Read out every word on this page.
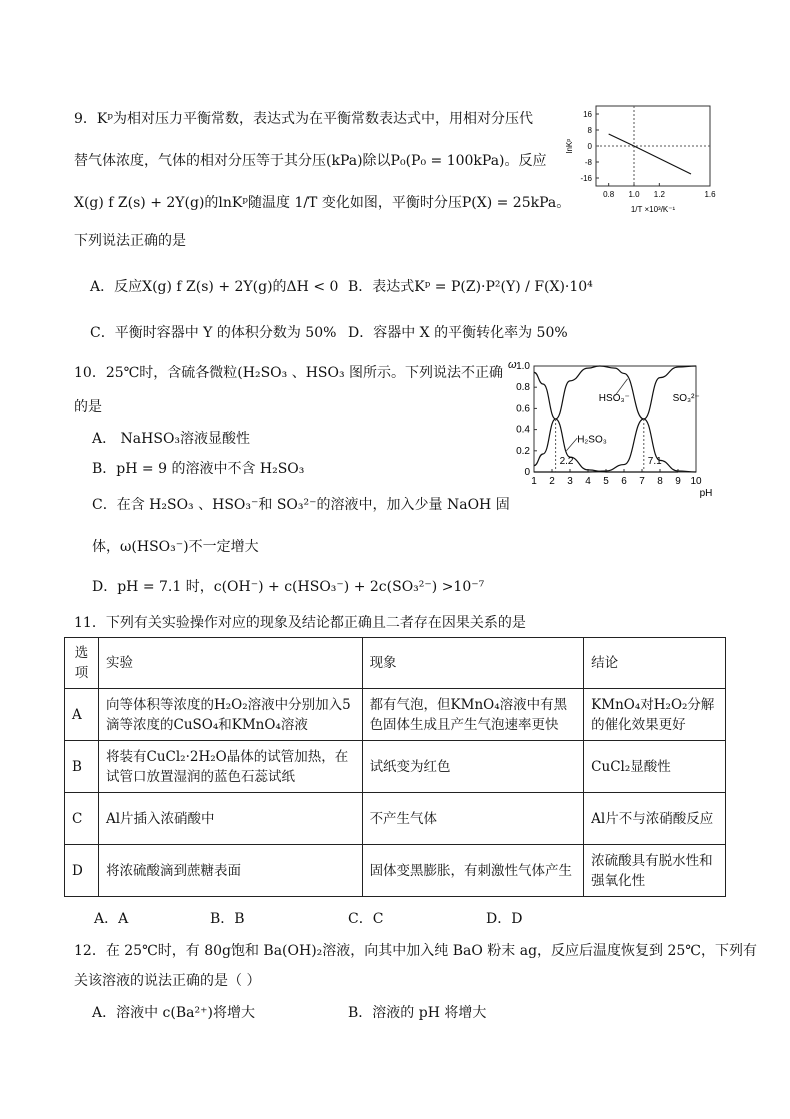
9．Kᵖ为相对压力平衡常数，表达式为在平衡常数表达式中，用相对分压代
替气体浓度，气体的相对分压等于其分压(kPa)除以P₀(P₀ = 100kPa)。反应
X(g) f Z(s) + 2Y(g)的lnKᵖ随温度 1/T 变化如图，平衡时分压P(X) = 25kPa。
下列说法正确的是
A．反应X(g) f Z(s) + 2Y(g)的ΔH < 0 B．表达式Kᵖ = P(Z)·P²(Y) / F(X)·10⁴
C．平衡时容器中 Y 的体积分数为 50% D．容器中 X 的平衡转化率为 50%
16
8
0
-8
-16
0.8 1.0 1.2	1.6
lnKᵖ
1/T ×10³/K⁻¹
10．25℃时，含硫各微粒(H₂SO₃ 、HSO₃ 图所示。下列说法不正确
的是
A． NaHSO₃溶液显酸性
B．pH = 9 的溶液中不含 H₂SO₃
C．在含 H₂SO₃ 、HSO₃⁻和 SO₃²⁻的溶液中，加入少量 NaOH 固
体，ω(HSO₃⁻)不一定增大
D．pH = 7.1 时，c(OH⁻) + c(HSO₃⁻) + 2c(SO₃²⁻) >10⁻⁷
0
0.2
0.4
0.6
0.8
1.0
1 2 3 4 5 6 7 8 9 10
ω
pH
2.2	7.1
HSO₃⁻	SO₃²⁻
H₂SO₃
11．下列有关实验操作对应的现象及结论都正确且二者存在因果关系的是
选项	实验	现象	结论
A	向等体积等浓度的H₂O₂溶液中分别加入5滴等浓度的CuSO₄和KMnO₄溶液	都有气泡，但KMnO₄溶液中有黑色固体生成且产生气泡速率更快	KMnO₄对H₂O₂分解的催化效果更好
B	将装有CuCl₂·2H₂O晶体的试管加热，在试管口放置湿润的蓝色石蕊试纸	试纸变为红色	CuCl₂显酸性
C	Al片插入浓硝酸中	不产生气体	Al片不与浓硝酸反应
D	将浓硫酸滴到蔗糖表面	固体变黑膨胀，有刺激性气体产生	浓硫酸具有脱水性和强氧化性
A．A	B．B	C．C	D．D
12．在 25℃时，有 80g饱和 Ba(OH)₂溶液，向其中加入纯 BaO 粉末 ag，反应后温度恢复到 25℃，下列有
关该溶液的说法正确的是（ ）
A．溶液中 c(Ba²⁺)将增大	B．溶液的 pH 将增大
